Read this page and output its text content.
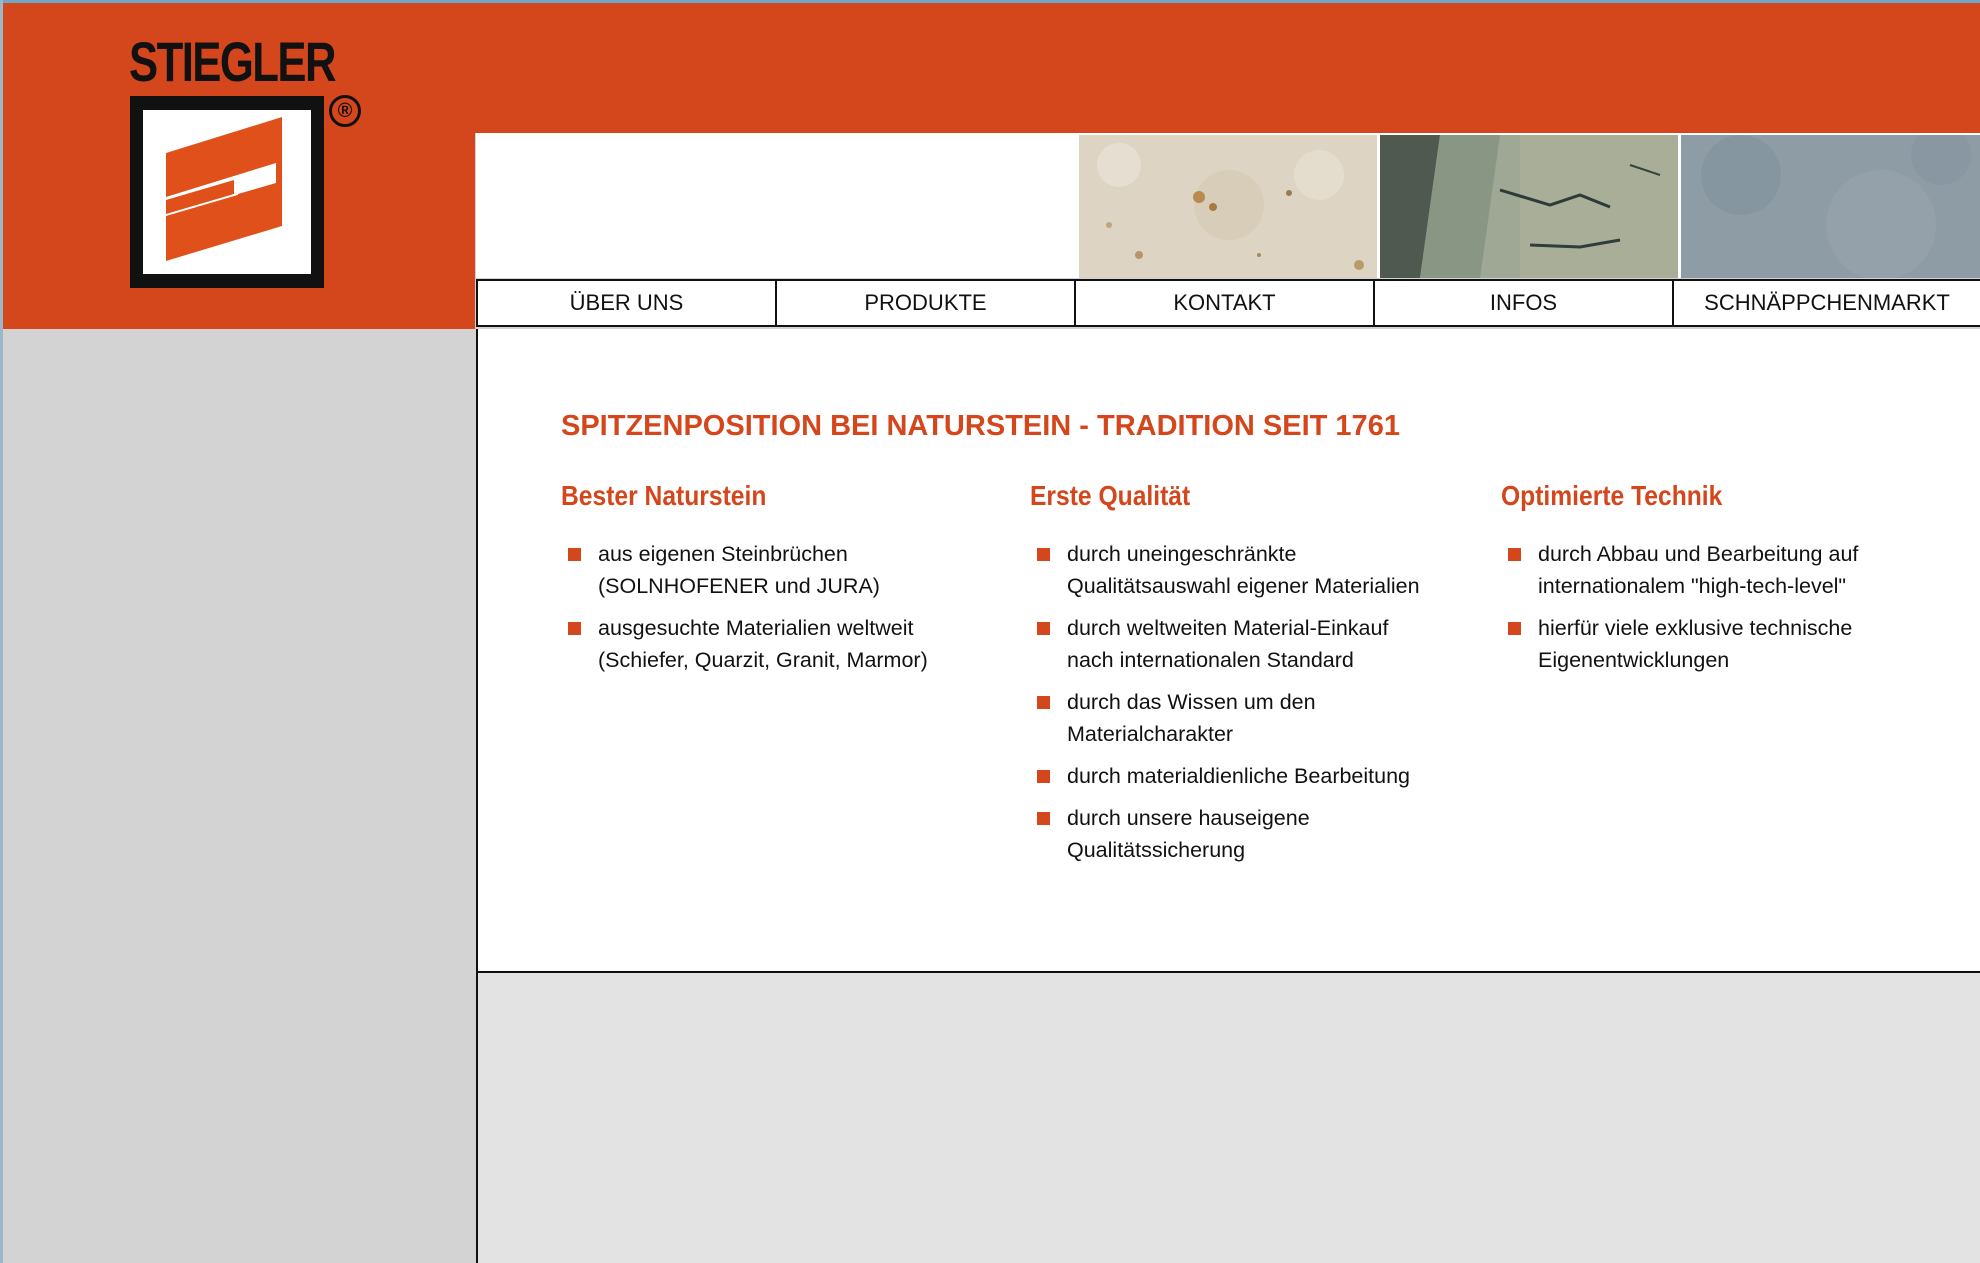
STIEGLER
®
ÜBER UNS	PRODUKTE	KONTAKT	INFOS	SCHNÄPPCHENMARKT
SPITZENPOSITION BEI NATURSTEIN - TRADITION SEIT 1761
Bester Naturstein
aus eigenen Steinbrüchen
(SOLNHOFENER und JURA)
ausgesuchte Materialien weltweit
(Schiefer, Quarzit, Granit, Marmor)
Erste Qualität
durch uneingeschränkte
Qualitätsauswahl eigener Materialien
durch weltweiten Material-Einkauf
nach internationalen Standard
durch das Wissen um den
Materialcharakter
durch materialdienliche Bearbeitung
durch unsere hauseigene
Qualitätssicherung
Optimierte Technik
durch Abbau und Bearbeitung auf
internationalem "high-tech-level"
hierfür viele exklusive technische
Eigenentwicklungen
